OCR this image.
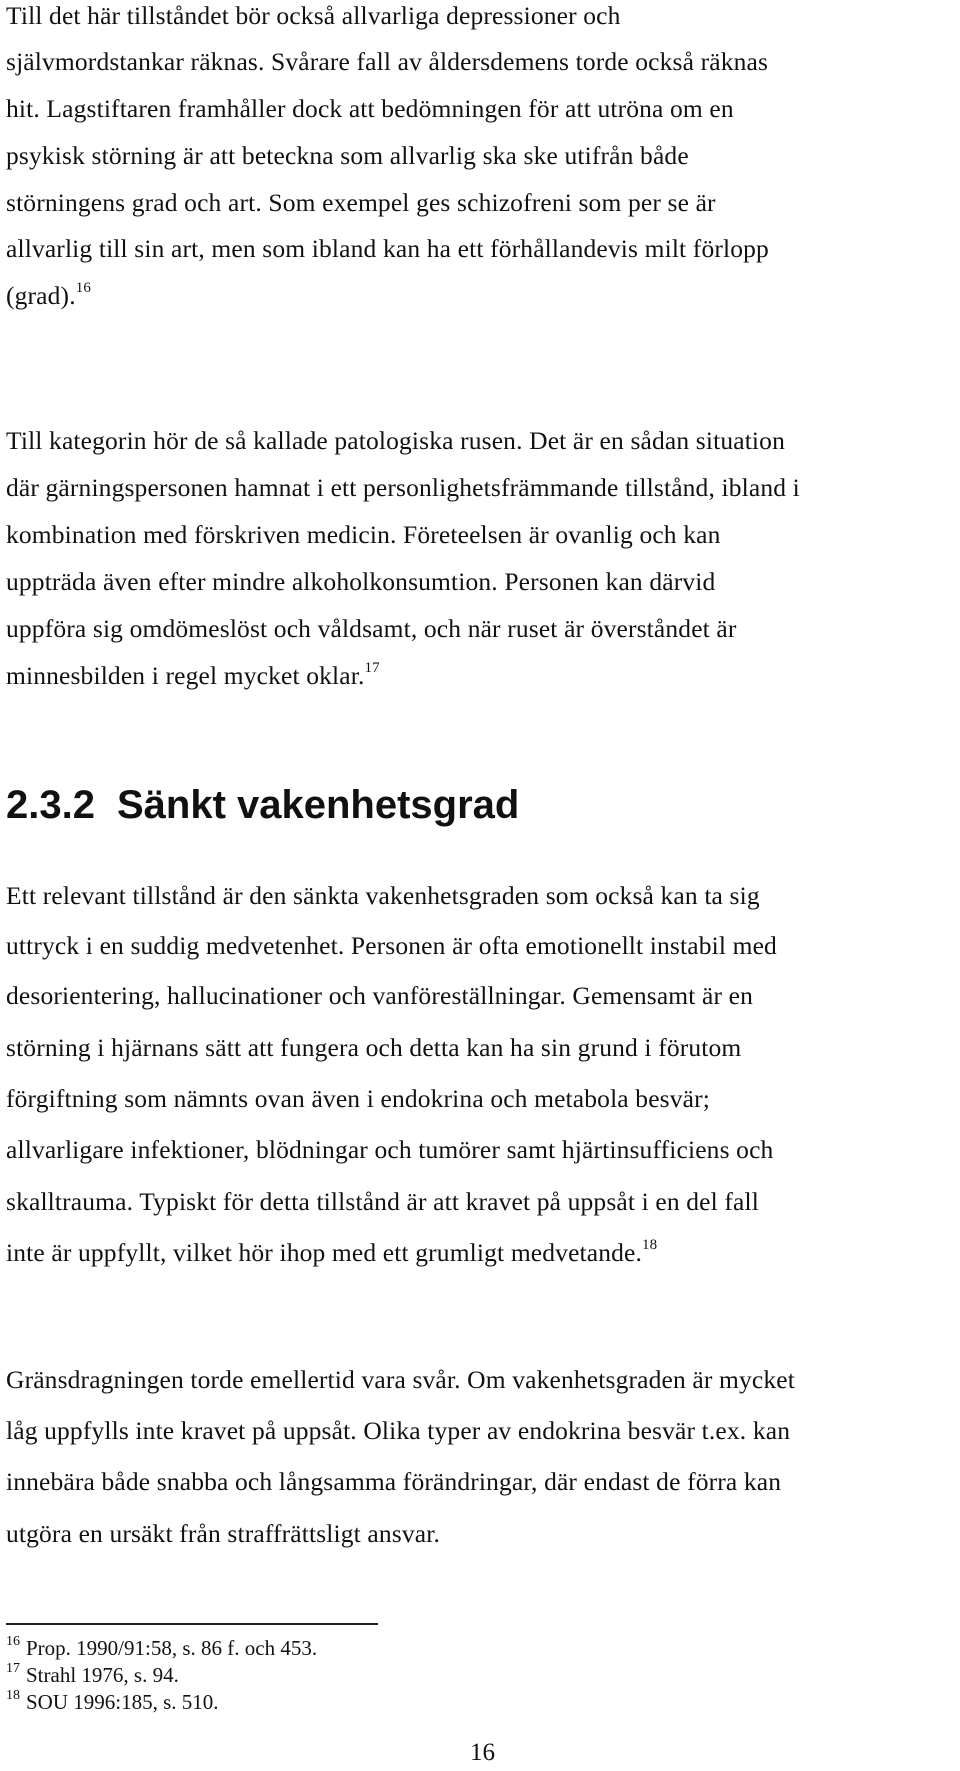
Till det här tillståndet bör också allvarliga depressioner och
självmordstankar räknas. Svårare fall av åldersdemens torde också räknas
hit. Lagstiftaren framhåller dock att bedömningen för att utröna om en
psykisk störning är att beteckna som allvarlig ska ske utifrån både
störningens grad och art. Som exempel ges schizofreni som per se är
allvarlig till sin art, men som ibland kan ha ett förhållandevis milt förlopp
(grad).$^{16}$
Till kategorin hör de så kallade patologiska rusen. Det är en sådan situation
där gärningspersonen hamnat i ett personlighetsfrämmande tillstånd, ibland i
kombination med förskriven medicin. Företeelsen är ovanlig och kan
uppträda även efter mindre alkoholkonsumtion. Personen kan därvid
uppföra sig omdömeslöst och våldsamt, och när ruset är överståndet är
minnesbilden i regel mycket oklar.$^{17}$
2.3.2 Sänkt vakenhetsgrad
Ett relevant tillstånd är den sänkta vakenhetsgraden som också kan ta sig
uttryck i en suddig medvetenhet. Personen är ofta emotionellt instabil med
desorientering, hallucinationer och vanföreställningar. Gemensamt är en
störning i hjärnans sätt att fungera och detta kan ha sin grund i förutom
förgiftning som nämnts ovan även i endokrina och metabola besvär;
allvarligare infektioner, blödningar och tumörer samt hjärtinsufficiens och
skalltrauma. Typiskt för detta tillstånd är att kravet på uppsåt i en del fall
inte är uppfyllt, vilket hör ihop med ett grumligt medvetande.$^{18}$
Gränsdragningen torde emellertid vara svår. Om vakenhetsgraden är mycket
låg uppfylls inte kravet på uppsåt. Olika typer av endokrina besvär t.ex. kan
innebära både snabba och långsamma förändringar, där endast de förra kan
utgöra en ursäkt från straffrättsligt ansvar.
$^{16}$ Prop. 1990/91:58, s. 86 f. och 453.
$^{17}$ Strahl 1976, s. 94.
$^{18}$ SOU 1996:185, s. 510.
16
